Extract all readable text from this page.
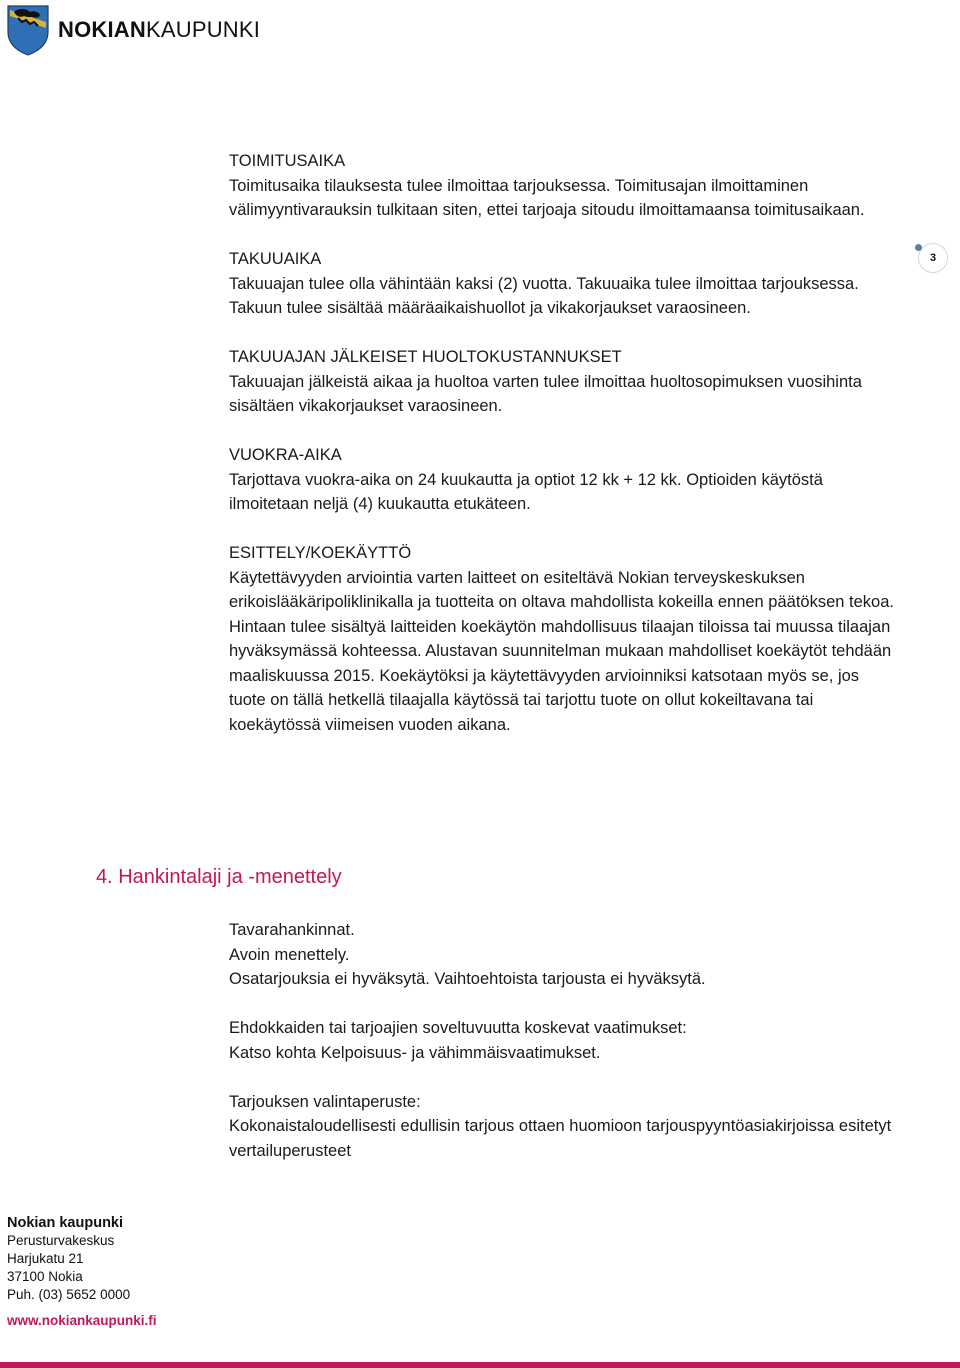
NOKIANKAUPUNKI
3
TOIMITUSAIKA

Toimitusaika tilauksesta tulee ilmoittaa tarjouksessa. Toimitusajan ilmoittaminen välimyyntivarauksin tulkitaan siten, ettei tarjoaja sitoudu ilmoittamaansa toimitusaikaan.

TAKUUAIKA

Takuuajan tulee olla vähintään kaksi (2) vuotta. Takuuaika tulee ilmoittaa tarjouksessa. Takuun tulee sisältää määräaikaishuollot ja vikakorjaukset varaosineen.

TAKUUAJAN JÄLKEISET HUOLTOKUSTANNUKSET

Takuuajan jälkeistä aikaa ja huoltoa varten tulee ilmoittaa huoltosopimuksen vuosihinta sisältäen vikakorjaukset varaosineen.

VUOKRA-AIKA

Tarjottava vuokra-aika on 24 kuukautta ja optiot 12 kk + 12 kk. Optioiden käytöstä ilmoitetaan neljä (4) kuukautta etukäteen.

ESITTELY/KOEKÄYTTÖ

Käytettävyyden arviointia varten laitteet on esiteltävä Nokian terveyskeskuksen erikoislääkäripoliklinikalla ja tuotteita on oltava mahdollista kokeilla ennen päätöksen tekoa. Hintaan tulee sisältyä laitteiden koekäytön mahdollisuus tilaajan tiloissa tai muussa tilaajan hyväksymässä kohteessa. Alustavan suunnitelman mukaan mahdolliset koekäytöt tehdään maaliskuussa 2015. Koekäytöksi ja käytettävyyden arvioinniksi katsotaan myös se, jos tuote on tällä hetkellä tilaajalla käytössä tai tarjottu tuote on ollut kokeiltavana tai koekäytössä viimeisen vuoden aikana.

4. Hankintalaji ja -menettely

Tavarahankinnat.

Avoin menettely.

Osatarjouksia ei hyväksytä. Vaihtoehtoista tarjousta ei hyväksytä.

Ehdokkaiden tai tarjoajien soveltuvuutta koskevat vaatimukset:

Katso kohta Kelpoisuus- ja vähimmäisvaatimukset.

Tarjouksen valintaperuste:

Kokonaistaloudellisesti edullisin tarjous ottaen huomioon tarjouspyyntöasiakirjoissa esitetyt vertailuperusteet

Nokian kaupunki
Perusturvakeskus
Harjukatu 21
37100 Nokia
Puh. (03) 5652 0000
www.nokiankaupunki.fi
